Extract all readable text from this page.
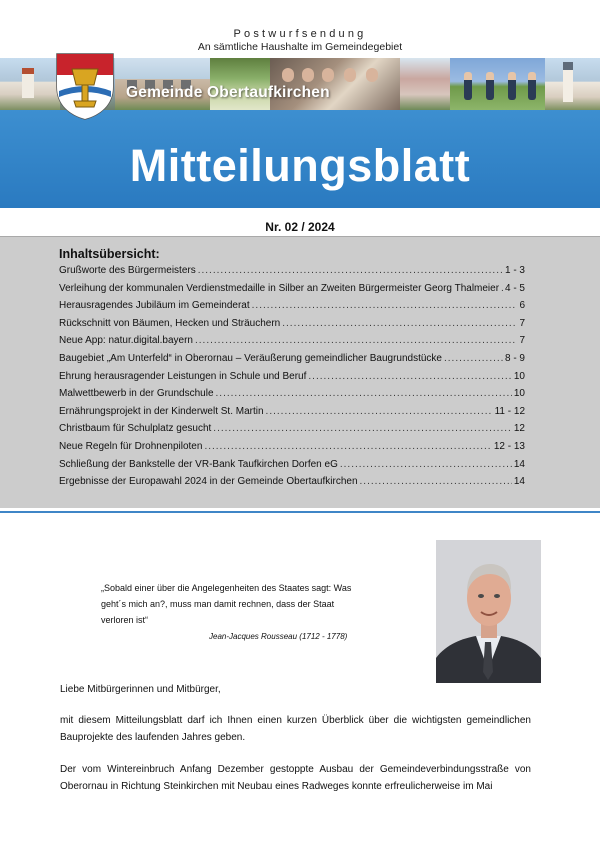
Postwurfsendung
An sämtliche Haushalte im Gemeindegebiet
Gemeinde Obertaufkirchen
Mitteilungsblatt
Nr. 02 / 2024
Inhaltsübersicht:
Grußworte des Bürgermeisters .....	1 - 3
Verleihung der kommunalen Verdienstmedaille in Silber an Zweiten Bürgermeister Georg Thalmeier ..... 4 - 5
Herausragendes Jubiläum im Gemeinderat .....	6
Rückschnitt von Bäumen, Hecken und Sträuchern .....	7
Neue App: natur.digital.bayern .....	7
Baugebiet „Am Unterfeld“ in Oberornau – Veräußerung gemeindlicher Baugrundstücke .....	8 - 9
Ehrung herausragender Leistungen in Schule und Beruf .....	10
Malwettbewerb in der Grundschule .....	10
Ernährungsprojekt in der Kinderwelt St. Martin .....	11 - 12
Christbaum für Schulplatz gesucht .....	12
Neue Regeln für Drohnenpiloten .....	12 - 13
Schließung der Bankstelle der VR-Bank Taufkirchen Dorfen eG .....	14
Ergebnisse der Europawahl 2024 in der Gemeinde Obertaufkirchen .....	14
„Sobald einer über die Angelegenheiten des Staates sagt: Was geht´s mich an?, muss man damit rechnen, dass der Staat verloren ist“
Jean-Jacques Rousseau (1712 - 1778)
Liebe Mitbürgerinnen und Mitbürger,
mit diesem Mitteilungsblatt darf ich Ihnen einen kurzen Überblick über die wichtigsten gemeindlichen Bauprojekte des laufenden Jahres geben.
Der vom Wintereinbruch Anfang Dezember gestoppte Ausbau der Gemeindeverbindungsstraße von Oberornau in Richtung Steinkirchen mit Neubau eines Radweges konnte erfreulicherweise im Mai
